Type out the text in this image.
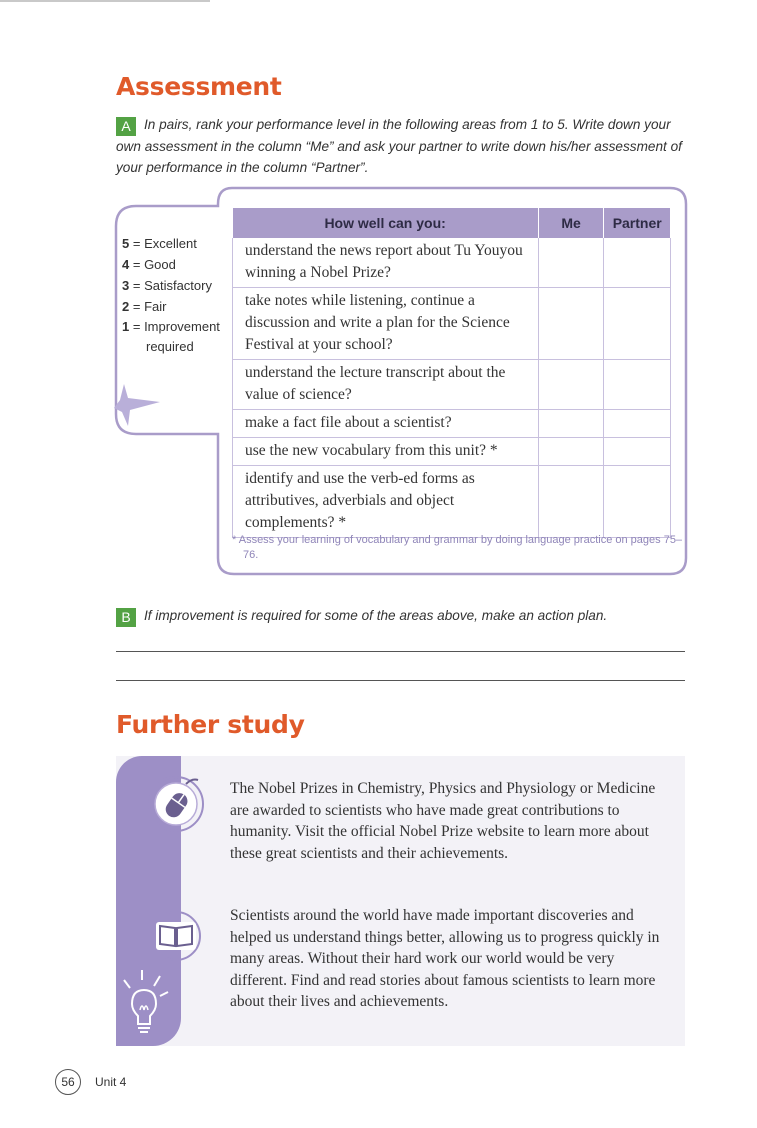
Assessment
A In pairs, rank your performance level in the following areas from 1 to 5. Write down your own assessment in the column “Me” and ask your partner to write down his/her assessment of your performance in the column “Partner”.
5 = Excellent
4 = Good
3 = Satisfactory
2 = Fair
1 = Improvement required
How well can you:	Me	Partner
understand the news report about Tu Youyou winning a Nobel Prize?		
take notes while listening, continue a discussion and write a plan for the Science Festival at your school?		
understand the lecture transcript about the value of science?		
make a fact file about a scientist?		
use the new vocabulary from this unit? *		
identify and use the verb-ed forms as attributives, adverbials and object complements? *		
* Assess your learning of vocabulary and grammar by doing language practice on pages 75–76.
B If improvement is required for some of the areas above, make an action plan.
Further study
The Nobel Prizes in Chemistry, Physics and Physiology or Medicine are awarded to scientists who have made great contributions to humanity. Visit the official Nobel Prize website to learn more about these great scientists and their achievements.
Scientists around the world have made important discoveries and helped us understand things better, allowing us to progress quickly in many areas. Without their hard work our world would be very different. Find and read stories about famous scientists to learn more about their lives and achievements.
56	Unit 4
